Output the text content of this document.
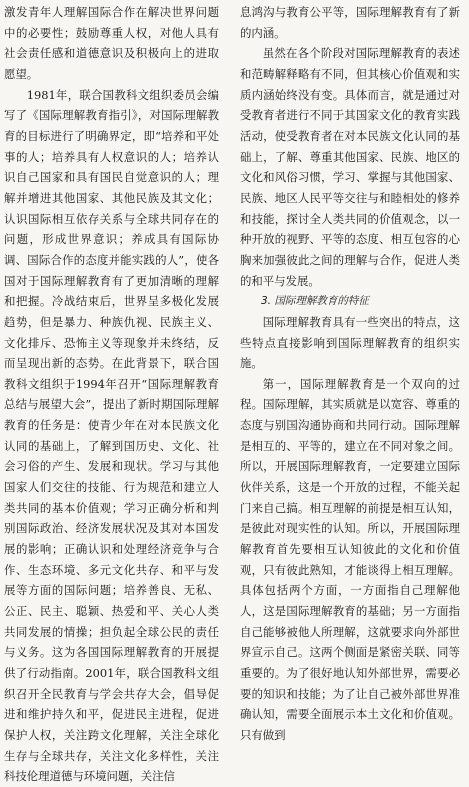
激发青年人理解国际合作在解决世界问题中的必要性；鼓励尊重人权，对他人具有社会责任感和道德意识及积极向上的进取愿望。

1981年，联合国教科文组织委员会编写了《国际理解教育指引》，对国际理解教育的目标进行了明确界定，即“培养和平处事的人；培养具有人权意识的人；培养认识自己国家和具有国民自觉意识的人；理解并增进其他国家、其他民族及其文化；认识国际相互依存关系与全球共同存在的问题，形成世界意识；养成具有国际协调、国际合作的态度并能实践的人”，使各国对于国际理解教育有了更加清晰的理解和把握。冷战结束后，世界呈多极化发展趋势，但是暴力、种族仇视、民族主义、文化排斥、恐怖主义等现象并未终结，反而呈现出新的态势。在此背景下，联合国教科文组织于1994年召开“国际理解教育总结与展望大会”，提出了新时期国际理解教育的任务是：使青少年在对本民族文化认同的基础上，了解到国历史、文化、社会习俗的产生、发展和现状。学习与其他国家人们交往的技能、行为规范和建立人类共同的基本价值观；学习正确分析和判别国际政治、经济发展状况及其对本国发展的影响；正确认识和处理经济竞争与合作、生态环境、多元文化共存、和平与发展等方面的国际问题；培养善良、无私、公正、民主、聪颖、热爱和平、关心人类共同发展的情操；担负起全球公民的责任与义务。这为各国国际理解教育的开展提供了行动指南。2001年，联合国教科文组织召开全民教育与学会共存大会，倡导促进和维护持久和平，促进民主进程，促进保护人权，关注跨文化理解，关注全球化生存与全球共存，关注文化多样性，关注科技伦理道德与环境问题，关注信

息鸿沟与教育公平等，国际理解教育有了新的内涵。

虽然在各个阶段对国际理解教育的表述和范畴解释略有不同，但其核心价值观和实质内涵始终没有变。具体而言，就是通过对受教育者进行不同于其国家文化的教育实践活动，使受教育者在对本民族文化认同的基础上，了解、尊重其他国家、民族、地区的文化和风俗习惯，学习、掌握与其他国家、民族、地区人民平等交往与和睦相处的修养和技能，探讨全人类共同的价值观念，以一种开放的视野、平等的态度、相互包容的心胸来加强彼此之间的理解与合作，促进人类的和平与发展。

3. 国际理解教育的特征

国际理解教育具有一些突出的特点，这些特点直接影响到国际理解教育的组织实施。

第一，国际理解教育是一个双向的过程。国际理解，其实质就是以宽容、尊重的态度与别国沟通协商和共同行动。国际理解是相互的、平等的，建立在不同对象之间。所以，开展国际理解教育，一定要建立国际伙伴关系，这是一个开放的过程，不能关起门来自己搞。相互理解的前提是相互认知，是彼此对现实性的认知。所以，开展国际理解教育首先要相互认知彼此的文化和价值观，只有彼此熟知，才能谈得上相互理解。具体包括两个方面，一方面指自己理解他人，这是国际理解教育的基础；另一方面指自己能够被他人所理解，这就要求向外部世界宣示自己。这两个侧面是紧密关联、同等重要的。为了很好地认知外部世界，需要必要的知识和技能；为了让自己被外部世界准确认知，需要全面展示本土文化和价值观。只有做到
